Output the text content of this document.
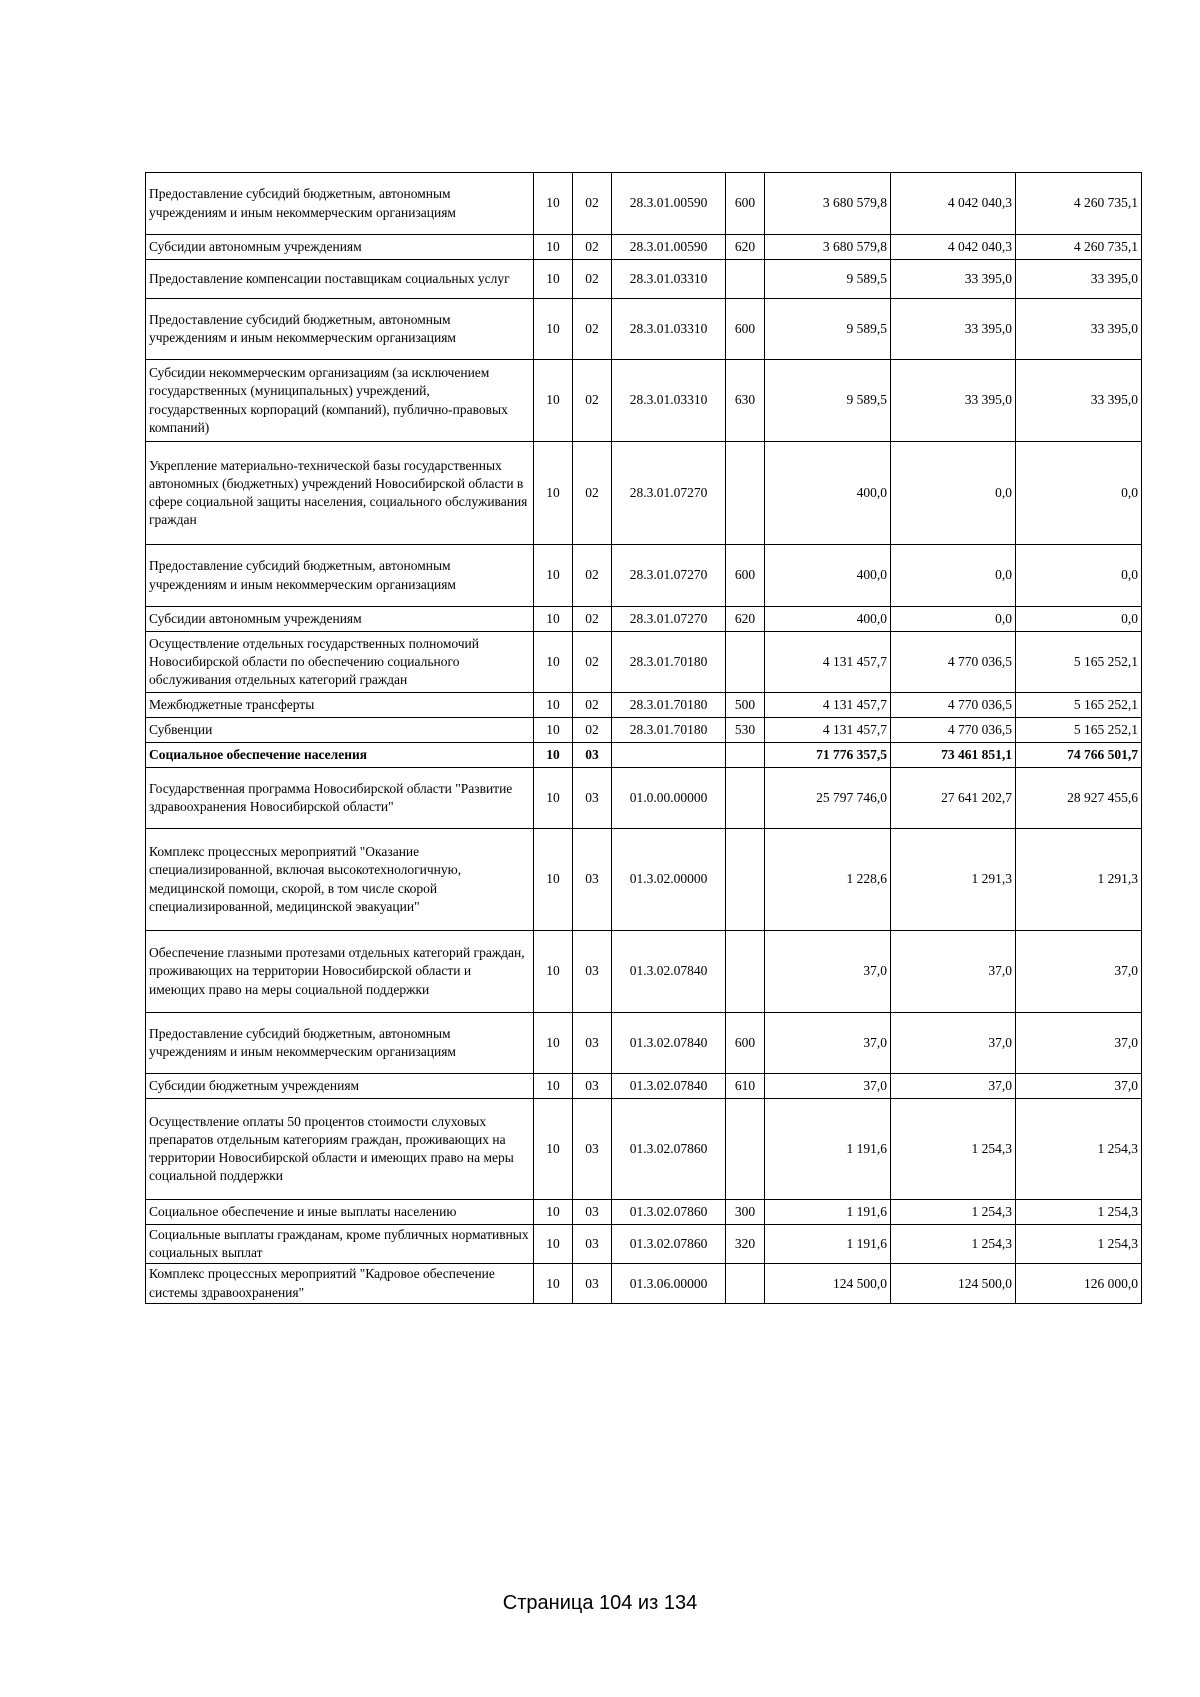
Предоставление субсидий бюджетным, автономным учреждениям и иным некоммерческим организациям	10	02	28.3.01.00590	600	3 680 579,8	4 042 040,3	4 260 735,1
Субсидии автономным учреждениям	10	02	28.3.01.00590	620	3 680 579,8	4 042 040,3	4 260 735,1
Предоставление компенсации поставщикам социальных услуг	10	02	28.3.01.03310		9 589,5	33 395,0	33 395,0
Предоставление субсидий бюджетным, автономным учреждениям и иным некоммерческим организациям	10	02	28.3.01.03310	600	9 589,5	33 395,0	33 395,0
Субсидии некоммерческим организациям (за исключением государственных (муниципальных) учреждений, государственных корпораций (компаний), публично-правовых компаний)	10	02	28.3.01.03310	630	9 589,5	33 395,0	33 395,0
Укрепление материально-технической базы государственных автономных (бюджетных) учреждений Новосибирской области в сфере социальной защиты населения, социального обслуживания граждан	10	02	28.3.01.07270		400,0	0,0	0,0
Предоставление субсидий бюджетным, автономным учреждениям и иным некоммерческим организациям	10	02	28.3.01.07270	600	400,0	0,0	0,0
Субсидии автономным учреждениям	10	02	28.3.01.07270	620	400,0	0,0	0,0
Осуществление отдельных государственных полномочий Новосибирской области по обеспечению социального обслуживания отдельных категорий граждан	10	02	28.3.01.70180		4 131 457,7	4 770 036,5	5 165 252,1
Межбюджетные трансферты	10	02	28.3.01.70180	500	4 131 457,7	4 770 036,5	5 165 252,1
Субвенции	10	02	28.3.01.70180	530	4 131 457,7	4 770 036,5	5 165 252,1
Социальное обеспечение населения	10	03			71 776 357,5	73 461 851,1	74 766 501,7
Государственная программа Новосибирской области "Развитие здравоохранения Новосибирской области"	10	03	01.0.00.00000		25 797 746,0	27 641 202,7	28 927 455,6
Комплекс процессных мероприятий "Оказание специализированной, включая высокотехнологичную, медицинской помощи, скорой, в том числе скорой специализированной, медицинской эвакуации"	10	03	01.3.02.00000		1 228,6	1 291,3	1 291,3
Обеспечение глазными протезами отдельных категорий граждан, проживающих на территории Новосибирской области и имеющих право на меры социальной поддержки	10	03	01.3.02.07840		37,0	37,0	37,0
Предоставление субсидий бюджетным, автономным учреждениям и иным некоммерческим организациям	10	03	01.3.02.07840	600	37,0	37,0	37,0
Субсидии бюджетным учреждениям	10	03	01.3.02.07840	610	37,0	37,0	37,0
Осуществление оплаты 50 процентов стоимости слуховых препаратов отдельным категориям граждан, проживающих на территории Новосибирской области и имеющих право на меры социальной поддержки	10	03	01.3.02.07860		1 191,6	1 254,3	1 254,3
Социальное обеспечение и иные выплаты населению	10	03	01.3.02.07860	300	1 191,6	1 254,3	1 254,3
Социальные выплаты гражданам, кроме публичных нормативных социальных выплат	10	03	01.3.02.07860	320	1 191,6	1 254,3	1 254,3
Комплекс процессных мероприятий "Кадровое обеспечение системы здравоохранения"	10	03	01.3.06.00000		124 500,0	124 500,0	126 000,0
Страница 104 из 134
